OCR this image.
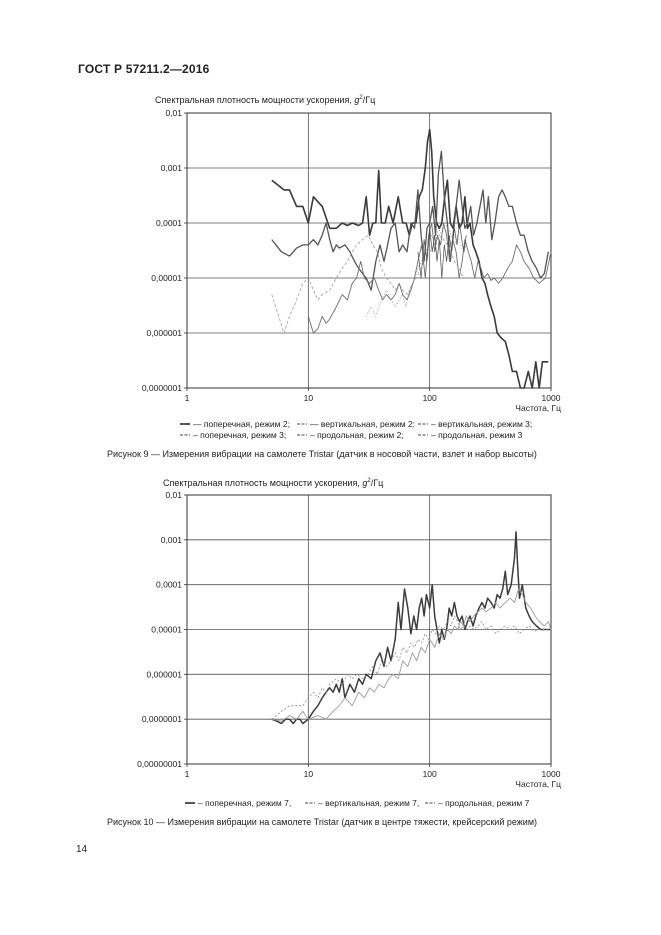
ГОСТ Р 57211.2—2016
Спектральная плотность мощности ускорения, $g^2/Гц$
0,0000001
0,000001
0,00001
0,0001
0,001
0,01
1	10	100	1000
Частота, Гц
— поперечная, режим 2; — вертикальная, режим 2: – вертикальная, режим 3;
– поперечная, режим 3;	– продольная, режим 2;	– продольная, режим 3
Спектральная плотность мощности ускорения, $g^2/Гц$
0,00000001
0,0000001
0,000001
0,00001
0,0001
0,001
0,01
1	10	100	1000
Частота, Гц
– поперечная, режим 7,	– вертикальная, режим 7, – продольная, режим 7
Рисунок 9 — Измерения вибрации на самолете Tristar (датчик в носовой части, взлет и набор высоты)
Рисунок 10 — Измерения вибрации на самолете Tristar (датчик в центре тяжести, крейсерский режим)
14
